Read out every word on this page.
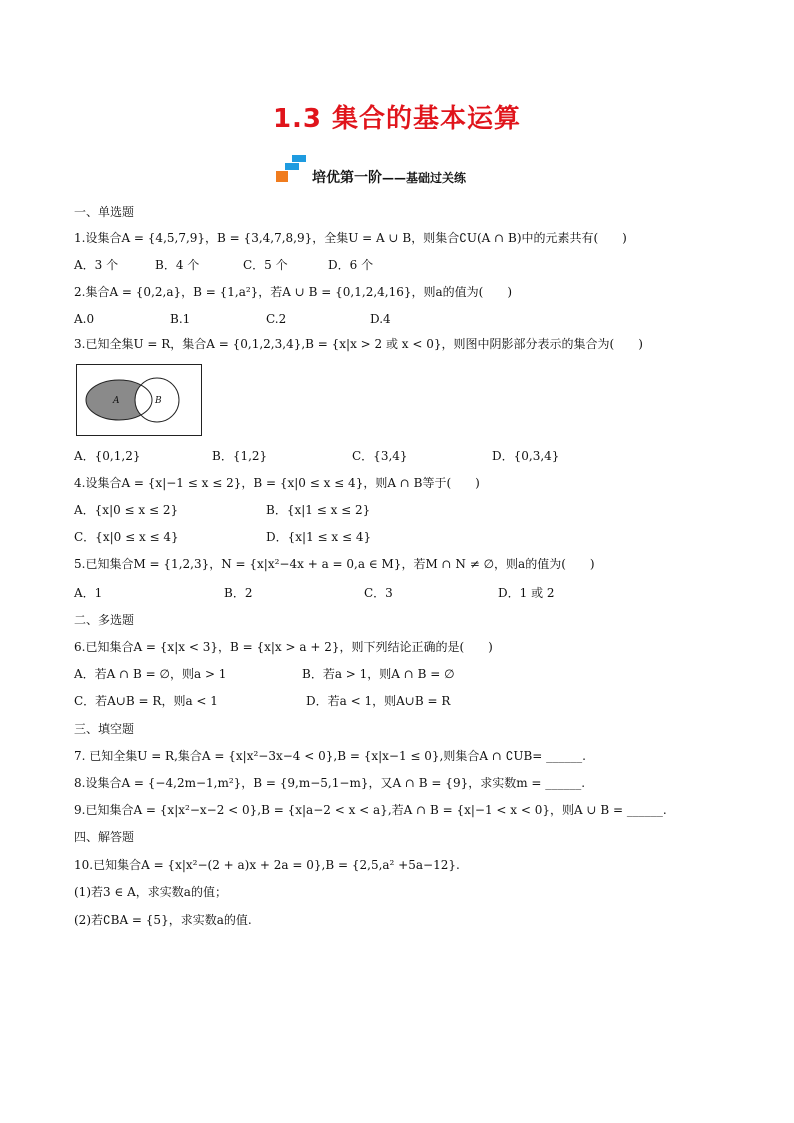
1.3 集合的基本运算
培优第一阶——基础过关练
一、单选题
1.设集合A = {4,5,7,9}，B = {3,4,7,8,9}，全集U = A ∪ B，则集合∁U(A ∩ B)中的元素共有(　　)
A．3 个	B．4 个	C．5 个	D．6 个
2.集合A = {0,2,a}，B = {1,a²}，若A ∪ B = {0,1,2,4,16}，则a的值为(　　)
A.0	B.1	C.2	D.4
3.已知全集U = R，集合A = {0,1,2,3,4},B = {x|x > 2 或 x < 0}，则图中阴影部分表示的集合为(　　)
A	B
A．{0,1,2}	B．{1,2}	C．{3,4}	D．{0,3,4}
4.设集合A = {x|−1 ≤ x ≤ 2}，B = {x|0 ≤ x ≤ 4}，则A ∩ B等于(　　)
A．{x|0 ≤ x ≤ 2}	B．{x|1 ≤ x ≤ 2}
C．{x|0 ≤ x ≤ 4}	D．{x|1 ≤ x ≤ 4}
5.已知集合M = {1,2,3}，N = {x|x²−4x + a = 0,a ∈ M}，若M ∩ N ≠ ∅，则a的值为(　　)
A．1	B．2	C．3	D．1 或 2
二、多选题
6.已知集合A = {x|x < 3}，B = {x|x > a + 2}，则下列结论正确的是(　　)
A．若A ∩ B = ∅，则a > 1	B．若a > 1，则A ∩ B = ∅
C．若A∪B = R，则a < 1	D．若a < 1，则A∪B = R
三、填空题
7. 已知全集U = R,集合A = {x|x²−3x−4 < 0},B = {x|x−1 ≤ 0},则集合A ∩ ∁UB= ______.
8.设集合A = {−4,2m−1,m²}，B = {9,m−5,1−m}，又A ∩ B = {9}，求实数m = ______.
9.已知集合A = {x|x²−x−2 < 0},B = {x|a−2 < x < a},若A ∩ B = {x|−1 < x < 0}，则A ∪ B = ______.
四、解答题
10.已知集合A = {x|x²−(2 + a)x + 2a = 0},B = {2,5,a² +5a−12}.
(1)若3 ∈ A，求实数a的值；
(2)若∁BA = {5}，求实数a的值.
